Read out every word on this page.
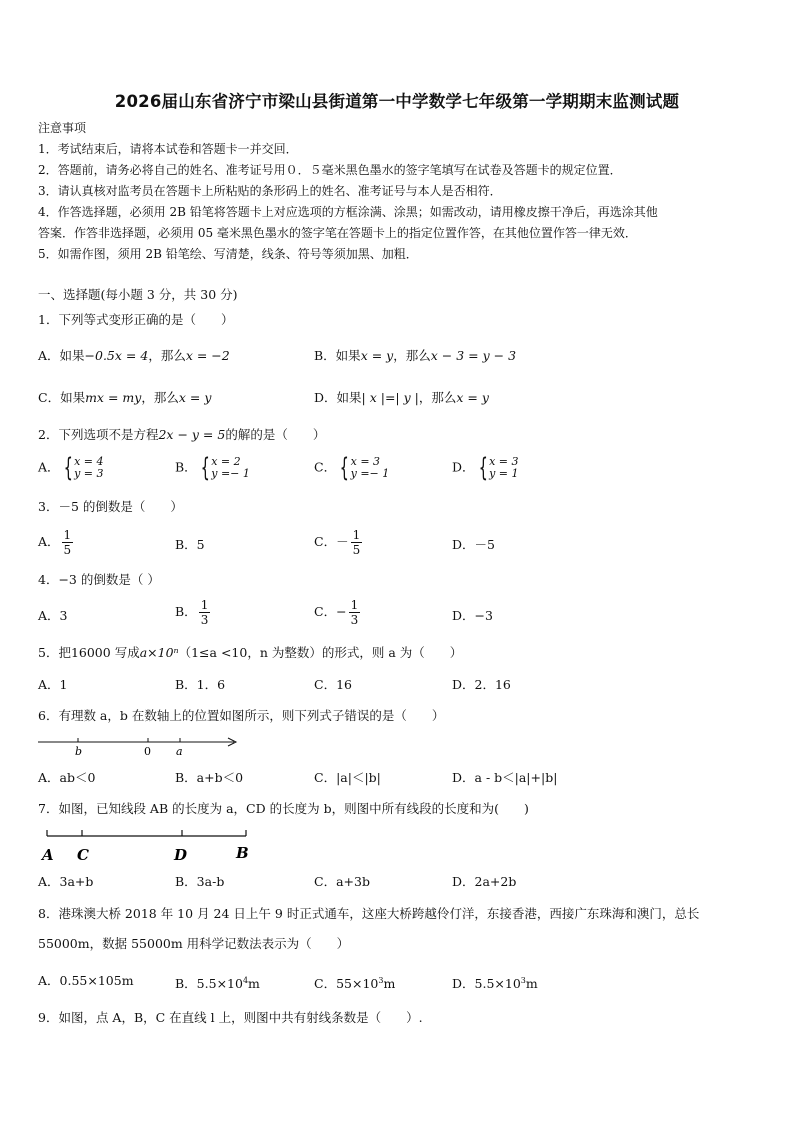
2026届山东省济宁市梁山县街道第一中学数学七年级第一学期期末监测试题
注意事项
1．考试结束后，请将本试卷和答题卡一并交回．
2．答题前，请务必将自己的姓名、准考证号用０．５毫米黑色墨水的签字笔填写在试卷及答题卡的规定位置．
3．请认真核对监考员在答题卡上所粘贴的条形码上的姓名、准考证号与本人是否相符．
4．作答选择题，必须用 2B 铅笔将答题卡上对应选项的方框涂满、涂黑；如需改动，请用橡皮擦干净后，再选涂其他
答案．作答非选择题，必须用 05 毫米黑色墨水的签字笔在答题卡上的指定位置作答，在其他位置作答一律无效．
5．如需作图，须用 2B 铅笔绘、写清楚，线条、符号等须加黑、加粗．
一、选择题(每小题 3 分，共 30 分)
1．下列等式变形正确的是（　　）
A．如果−0.5x = 4，那么x = −2	B．如果x = y，那么x − 3 = y − 3
C．如果mx = my，那么x = y	D．如果| x |=| y |，那么x = y
2．下列选项不是方程2x − y = 5的解的是（　　）
A． { x = 4
y = 3	B． { x = 2
y =− 1	C． { x = 3
y =− 1	D． { x = 3
y = 1
3．－5 的倒数是（　　）
A． $\frac{1}{5}$	B．5	C．－ $\frac{1}{5}$	D．－5
4．−3 的倒数是（ ）
A．3	B． $\frac{1}{3}$	C．− $\frac{1}{3}$	D．−3
5．把16000 写成a×10ⁿ（1≤a <10，n 为整数）的形式，则 a 为（　　）
A．1	B．1．6	C．16	D．2．16
6．有理数 a，b 在数轴上的位置如图所示，则下列式子错误的是（　　）
b	0 a
A．ab＜0	B．a+b＜0	C．|a|＜|b|	D．a - b＜|a|+|b|
7．如图，已知线段 AB 的长度为 a，CD 的长度为 b，则图中所有线段的长度和为(　　)
A C	D	B
A．3a+b	B．3a-b	C．a+3b	D．2a+2b
8．港珠澳大桥 2018 年 10 月 24 日上午 9 时正式通车，这座大桥跨越伶仃洋，东接香港，西接广东珠海和澳门，总长
55000m，数据 55000m 用科学记数法表示为（　　）
A．0.55×105m	B．$5.5\times 10^4m$	C．$55\times 10^3m$	D．$5.5\times 10^3m$
9．如图，点 A，B，C 在直线 l 上，则图中共有射线条数是（　　）.
